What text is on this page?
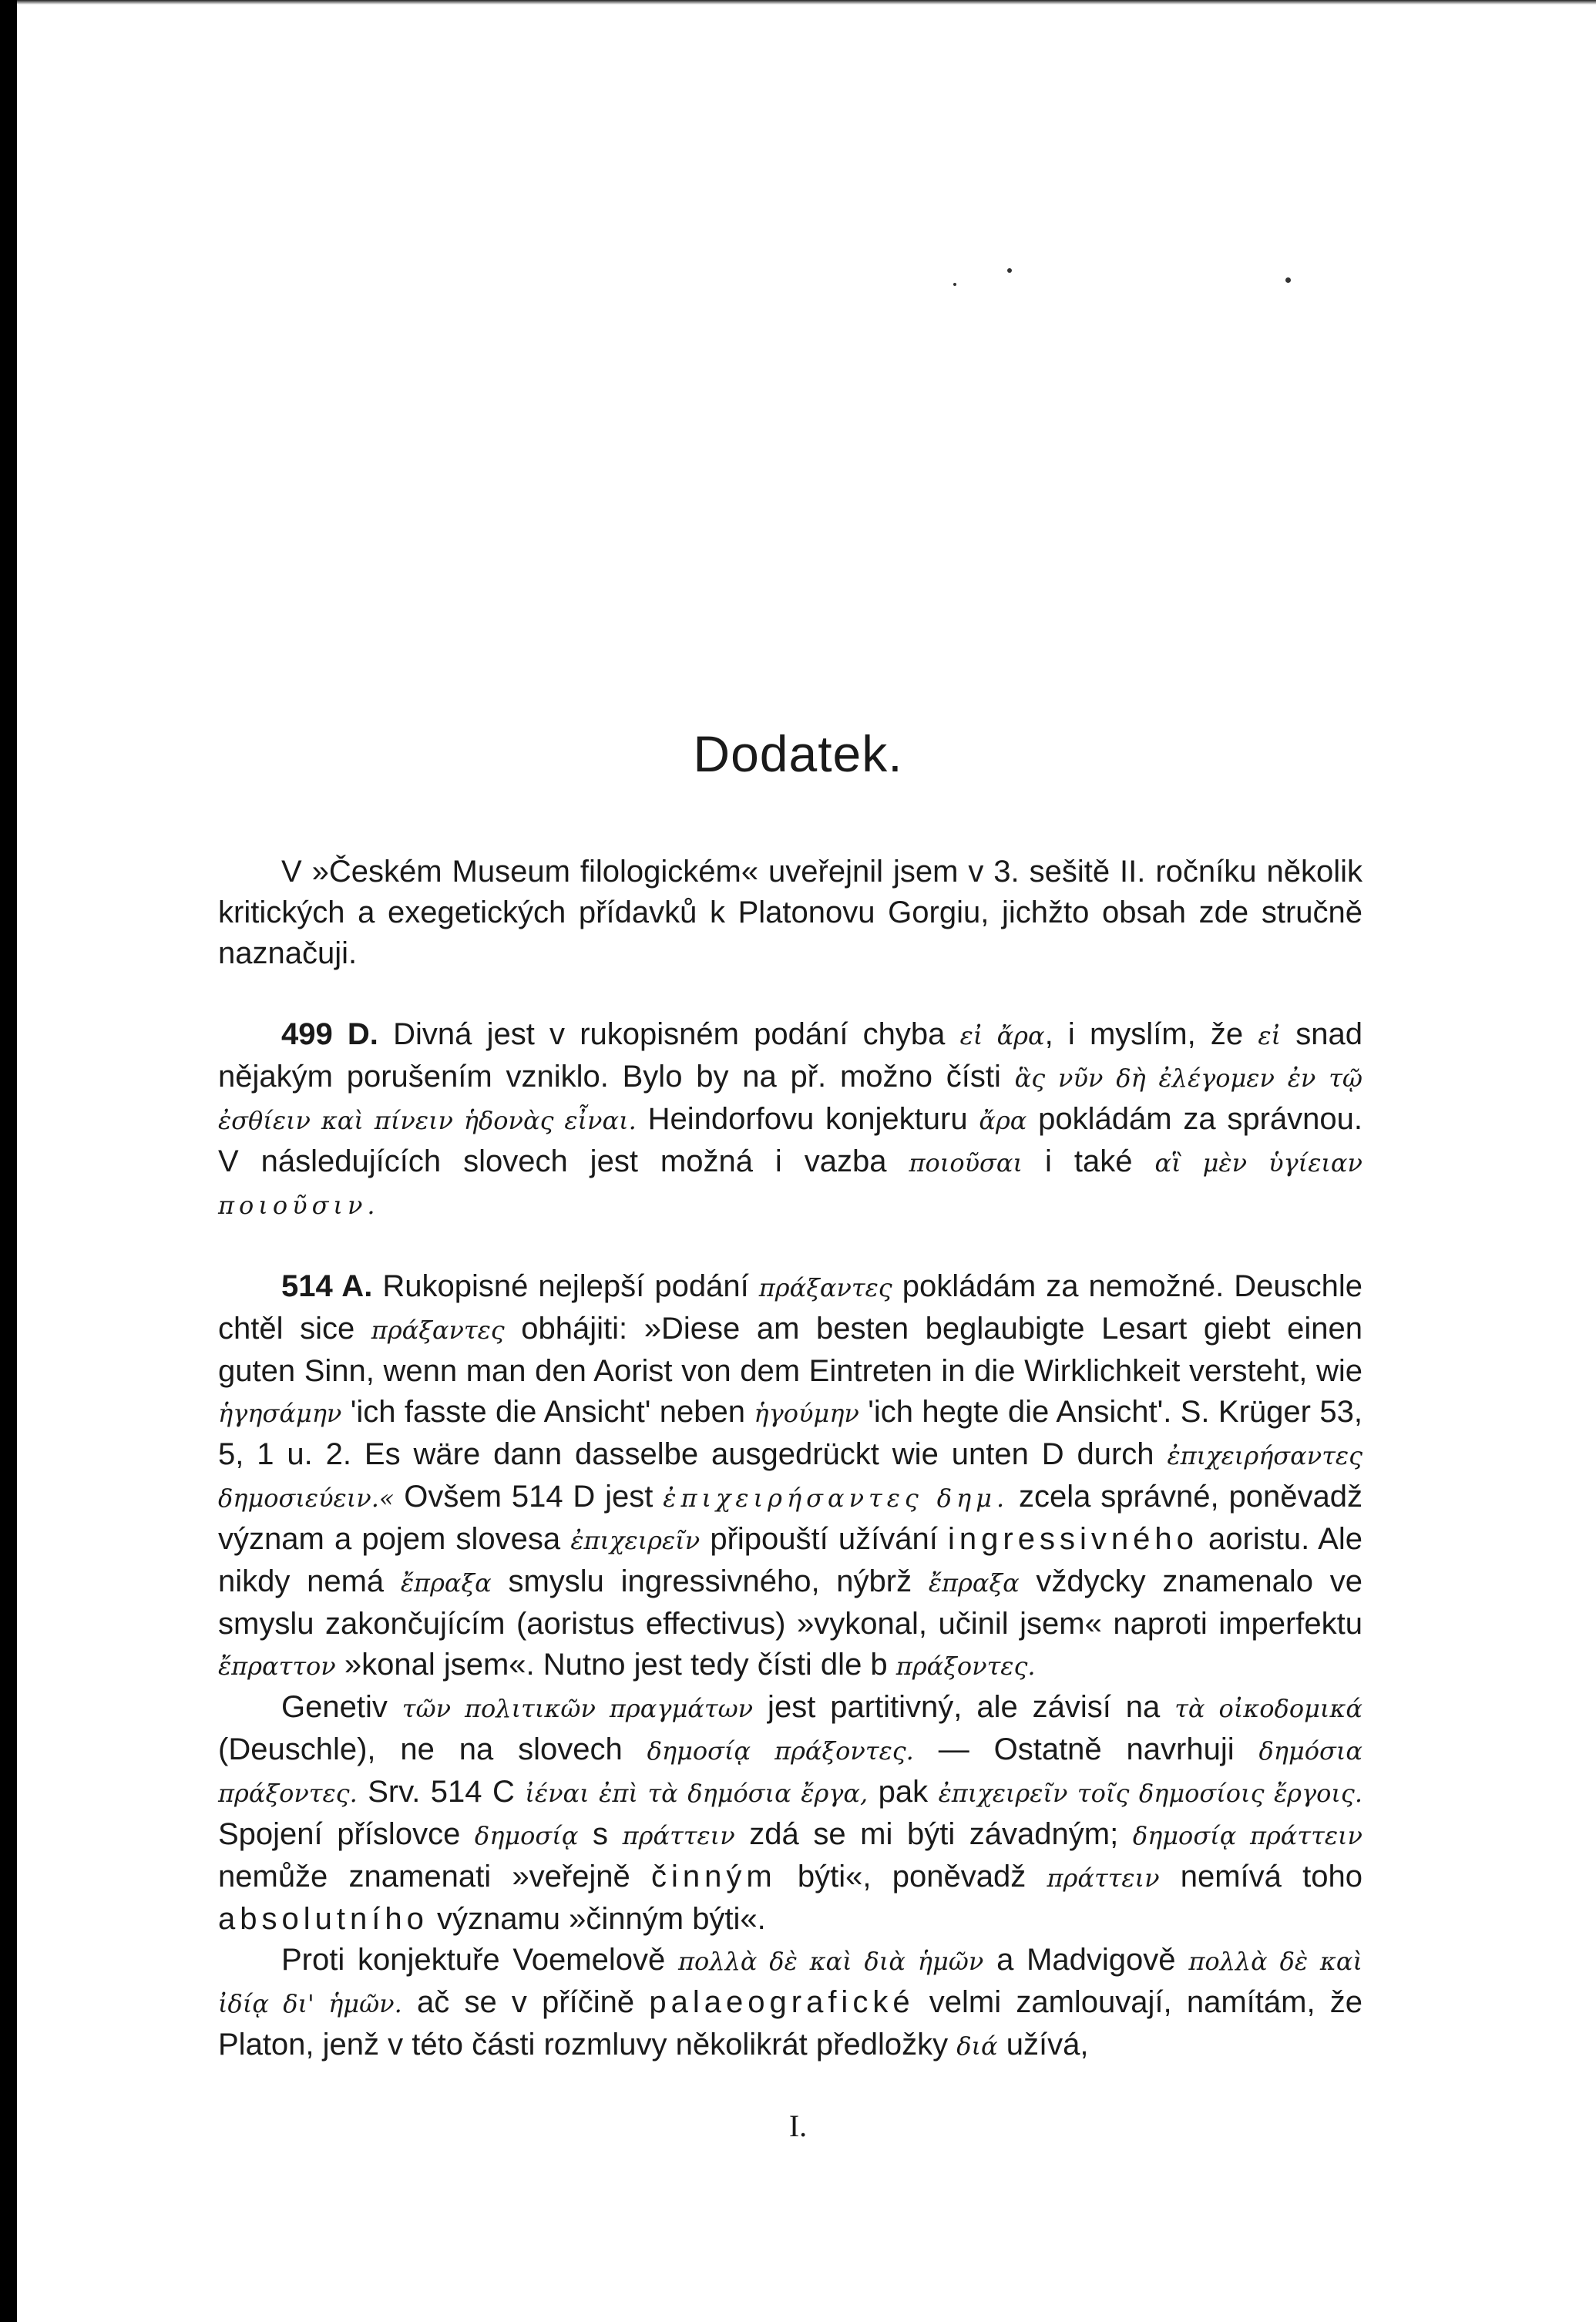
Dodatek.

V »Českém Museum filologickém« uveřejnil jsem v 3. sešitě II. ročníku několik kritických a exegetických přídavků k Platonovu Gorgiu, jichžto obsah zde stručně naznačuji.

499 D. Divná jest v rukopisném podání chyba εἰ ἄρα, i myslím, že εἰ snad nějakým porušením vzniklo. Bylo by na př. možno čísti ἃς νῦν δὴ ἐλέγομεν ἐν τῷ ἐσθίειν καὶ πίνειν ἡδονὰς εἶναι. Heindorfovu konjekturu ἄρα pokládám za správnou. V následujících slovech jest možná i vazba ποιοῦσαι i také αἳ μὲν ὑγίειαν ποιοῦσιν.

514 A. Rukopisné nejlepší podání πράξαντες pokládám za nemožné. Deuschle chtěl sice πράξαντες obhájiti: »Diese am besten beglaubigte Lesart giebt einen guten Sinn, wenn man den Aorist von dem Eintreten in die Wirklichkeit versteht, wie ἡγησάμην 'ich fasste die Ansicht' neben ἡγούμην 'ich hegte die Ansicht'. S. Krüger 53, 5, 1 u. 2. Es wäre dann dasselbe ausgedrückt wie unten D durch ἐπιχειρήσαντες δημοσιεύειν.« Ovšem 514 D jest ἐπιχειρήσαντες δημ. zcela správné, poněvadž význam a pojem slovesa ἐπιχειρεῖν připouští užívání ingressivného aoristu. Ale nikdy nemá ἔπραξα smyslu ingressivného, nýbrž ἔπραξα vždycky znamenalo ve smyslu zakončujícím (aoristus effectivus) »vykonal, učinil jsem« naproti imperfektu ἔπραττον »konal jsem«. Nutno jest tedy čísti dle b πράξοντες.

Genetiv τῶν πολιτικῶν πραγμάτων jest partitivný, ale závisí na τὰ οἰκοδομικά (Deuschle), ne na slovech δημοσίᾳ πράξοντες. — Ostatně navrhuji δημόσια πράξοντες. Srv. 514 C ἰέναι ἐπὶ τὰ δημόσια ἔργα, pak ἐπιχειρεῖν τοῖς δημοσίοις ἔργοις. Spojení příslovce δημοσίᾳ s πράττειν zdá se mi býti závadným; δημοσίᾳ πράττειν nemůže znamenati »veřejně činným býti«, poněvadž πράττειν nemívá toho absolutního významu »činným býti«.

Proti konjektuře Voemelově πολλὰ δὲ καὶ διὰ ἡμῶν a Madvigově πολλὰ δὲ καὶ ἰδίᾳ δι' ἡμῶν. ač se v příčině palaeografické velmi zamlouvají, namítám, že Platon, jenž v této části rozmluvy několikrát předložky διά užívá,

I.
